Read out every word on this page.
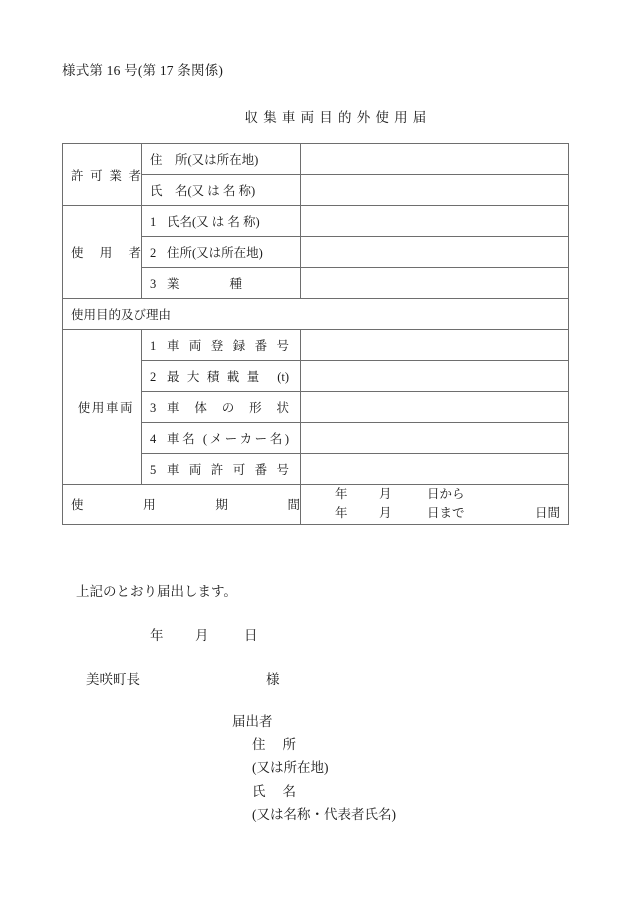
様式第 16 号(第 17 条関係)
収集車両目的外使用届
許可業者	住　所(又は所在地)	
	氏　名(又 は 名 称)	

使用者	1 氏名(又 は 名 称)	
	2 住所(又は所在地)	
	3 業　　　　種	
使用目的及び理由		

使用車両	1 車両登録番号	
	2 最大積載量 (t)	
	3 車体の形状	
	4 車名 (メーカー名)	
	5 車両許可番号	
使用期間		年 月 日から
年 月 日まで 日間
上記のとおり届出します。
年 月	日
美咲町長	様
届出者
住　所
(又は所在地)
氏　名
(又は名称・代表者氏名)
